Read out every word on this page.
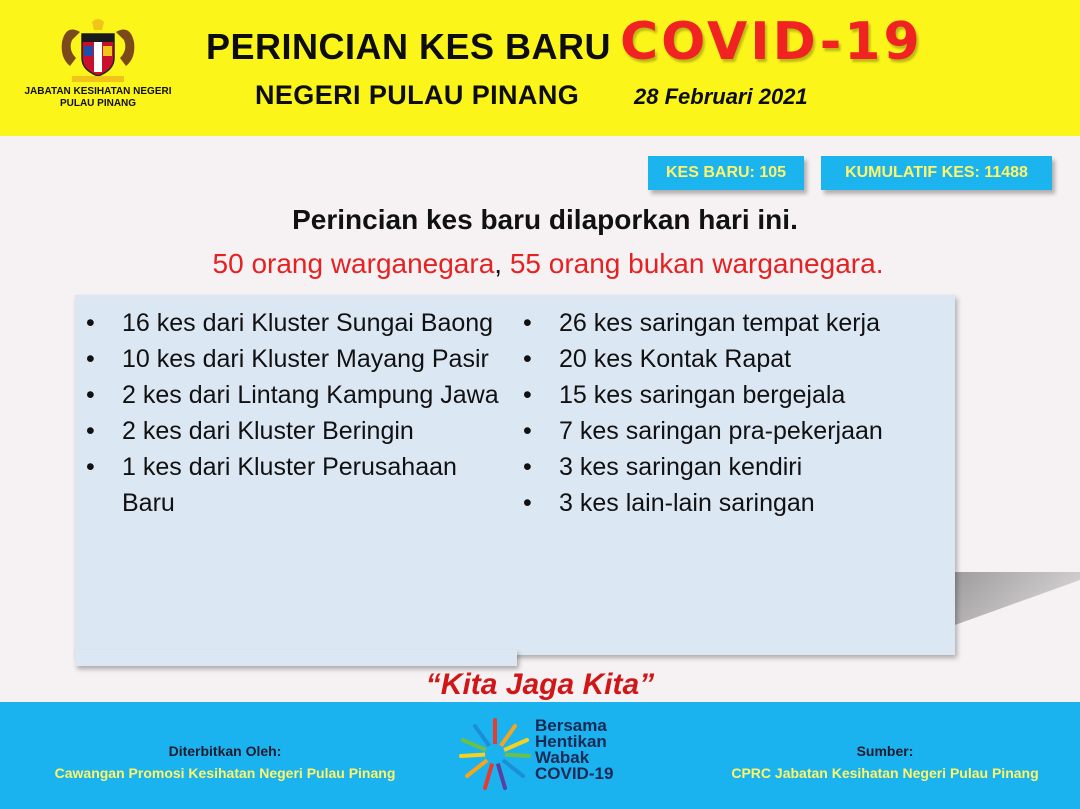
JABATAN KESIHATAN NEGERI
PULAU PINANG
PERINCIAN KES BARU COVID-19
NEGERI PULAU PINANG 28 Februari 2021
KES BARU: 105	KUMULATIF KES: 11488
Perincian kes baru dilaporkan hari ini.
50 orang warganegara, 55 orang bukan warganegara.
• 16 kes dari Kluster Sungai Baong
• 10 kes dari Kluster Mayang Pasir
• 2 kes dari Lintang Kampung Jawa
• 2 kes dari Kluster Beringin
• 1 kes dari Kluster Perusahaan Baru
• 26 kes saringan tempat kerja
• 20 kes Kontak Rapat
• 15 kes saringan bergejala
• 7 kes saringan pra-pekerjaan
• 3 kes saringan kendiri
• 3 kes lain-lain saringan
“Kita Jaga Kita”
Diterbitkan Oleh:
Cawangan Promosi Kesihatan Negeri Pulau Pinang
Bersama
Hentikan
Wabak
COVID-19
Sumber:
CPRC Jabatan Kesihatan Negeri Pulau Pinang
